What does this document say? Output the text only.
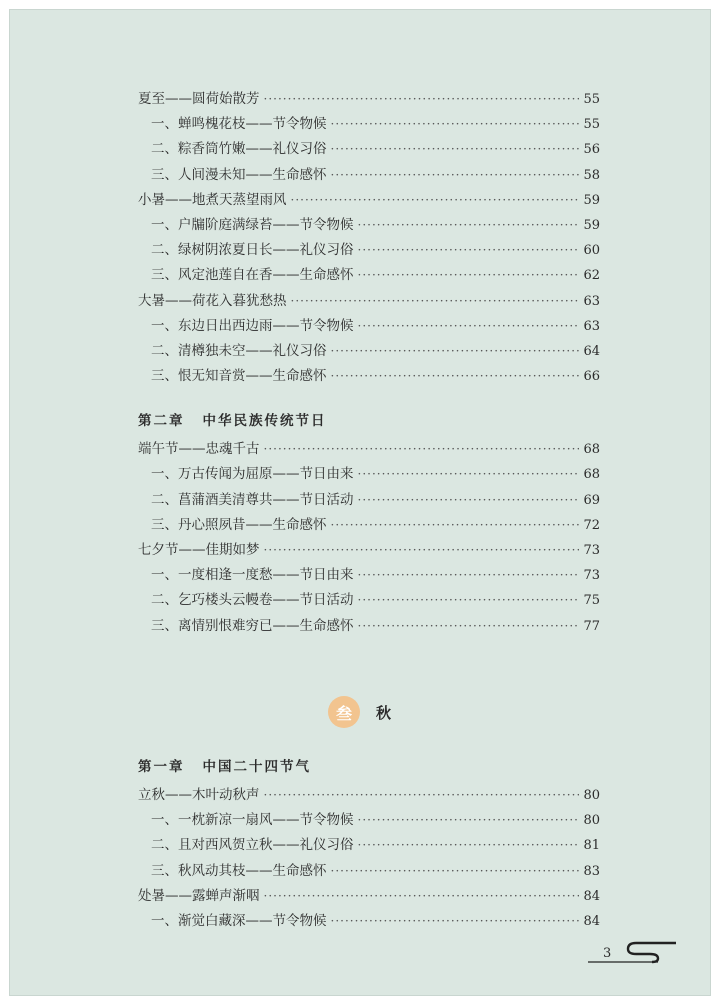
夏至——圆荷始散芳 ·····	55
一、蝉鸣槐花枝——节令物候 ·····	55
二、粽香筒竹嫩——礼仪习俗 ·····	56
三、人间漫未知——生命感怀 ·····	58
小暑——地煮天蒸望雨风 ·····	59
一、户牖阶庭满绿苔——节令物候 ·····	59
二、绿树阴浓夏日长——礼仪习俗 ·····	60
三、风定池莲自在香——生命感怀 ·····	62
大暑——荷花入暮犹愁热 ·····	63
一、东边日出西边雨——节令物候 ·····	63
二、清樽独未空——礼仪习俗 ·····	64
三、恨无知音赏——生命感怀 ·····	66
第二章 中华民族传统节日
端午节——忠魂千古 ·····	68
一、万古传闻为屈原——节日由来 ·····	68
二、菖蒲酒美清尊共——节日活动 ·····	69
三、丹心照夙昔——生命感怀 ·····	72
七夕节——佳期如梦 ·····	73
一、一度相逢一度愁——节日由来 ·····	73
二、乞巧楼头云幔卷——节日活动 ·····	75
三、离情别恨难穷已——生命感怀 ·····	77
叁	秋
第一章 中国二十四节气
立秋——木叶动秋声 ·····	80
一、一枕新凉一扇风——节令物候 ·····	80
二、且对西风贺立秋——礼仪习俗 ·····	81
三、秋风动其枝——生命感怀 ·····	83
处暑——露蝉声渐咽 ·····	84
一、渐觉白藏深——节令物候 ·····	84
3
